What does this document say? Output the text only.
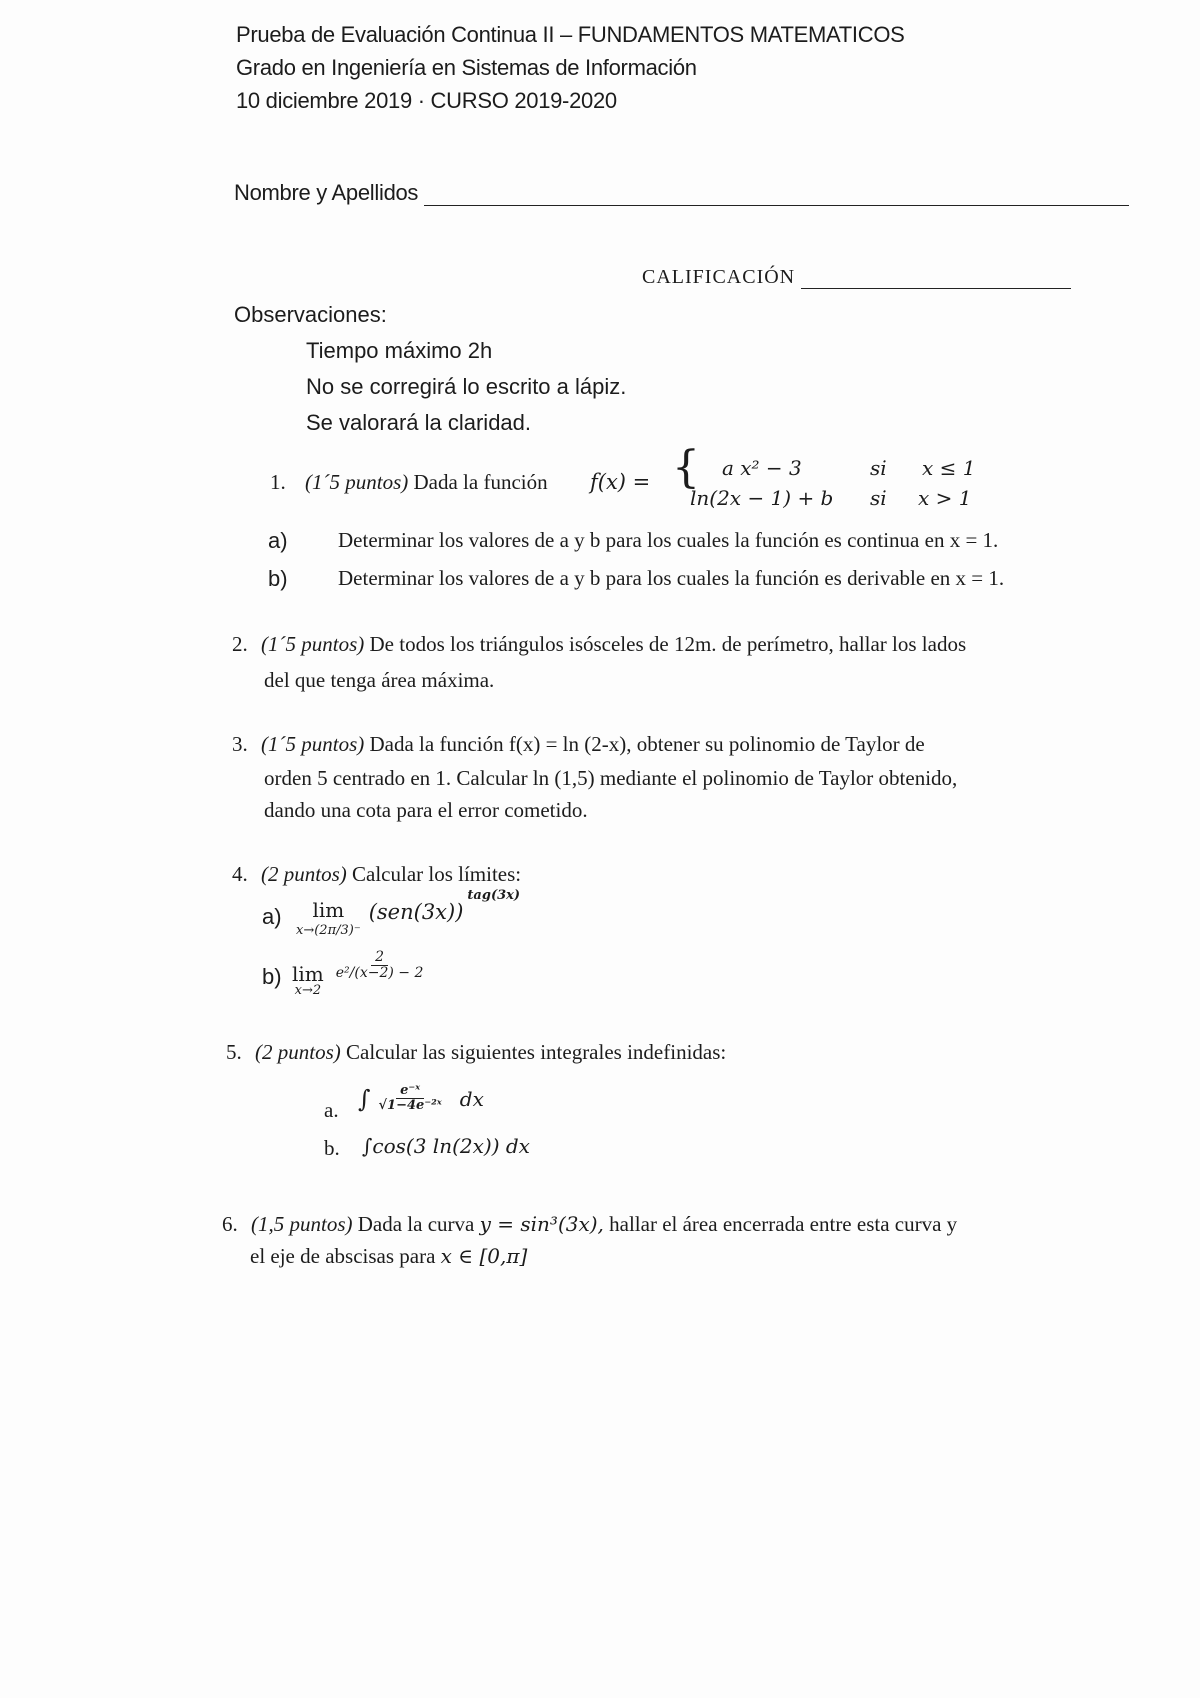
Prueba de Evaluación Continua II – FUNDAMENTOS MATEMATICOS
Grado en Ingeniería en Sistemas de Información
10 diciembre 2019 · CURSO 2019-2020
Nombre y Apellidos
CALIFICACIÓN
Observaciones:
Tiempo máximo 2h
No se corregirá lo escrito a lápiz.
Se valorará la claridad.
1. (1´5 puntos) Dada la función f(x) = { a x² − 3	si x ≤ 1
ln(2x − 1) + b si x > 1
a) Determinar los valores de a y b para los cuales la función es continua en x = 1.
b) Determinar los valores de a y b para los cuales la función es derivable en x = 1.
2. (1´5 puntos) De todos los triángulos isósceles de 12m. de perímetro, hallar los lados
del que tenga área máxima.
3. (1´5 puntos) Dada la función f(x) = ln (2-x), obtener su polinomio de Taylor de
orden 5 centrado en 1. Calcular ln (1,5) mediante el polinomio de Taylor obtenido,
dando una cota para el error cometido.
4. (2 puntos) Calcular los límites:
a) lim
x→(2π/3)⁻
(sen(3x)) $^{tag(3x)}$
b) lim
x→2

$\frac{2}{\text{e²/(x−2) − 2}}$
5. (2 puntos) Calcular las siguientes integrales indefinidas:
a. ∫ $\frac{\text{e⁻ˣ}}{\text{√1−4e⁻²ˣ}}$ dx
b. ∫cos(3 ln(2x)) dx
6. (1,5 puntos) Dada la curva y = sin³(3x), hallar el área encerrada entre esta curva y
el eje de abscisas para x ∈ [0,π]
